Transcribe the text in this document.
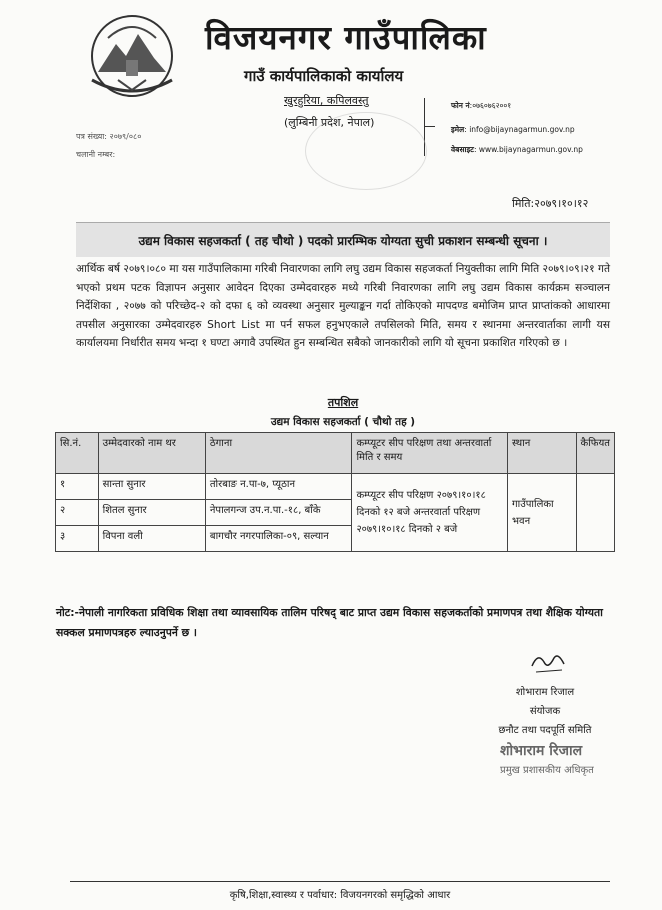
विजयनगर गाउँपालिका
गाउँ कार्यपालिकाको कार्यालय
खुरहुरिया, कपिलवस्तु
(लुम्बिनी प्रदेश, नेपाल)
फोन नं:०७६०७६२००१
इमेल: info@bijaynagarmun.gov.np
वेबसाइट: www.bijaynagarmun.gov.np
पत्र संख्या: २०७९/०८०
चलानी नम्बर:
मिति:२०७९।१०।१२
उद्यम विकास सहजकर्ता ( तह चौथो ) पदको प्रारम्भिक योग्यता सुची प्रकाशन सम्बन्धी सूचना ।

आर्थिक बर्ष २०७९।०८० मा यस गाउँपालिकामा गरिबी निवारणका लागि लघु उद्यम विकास सहजकर्ता नियुक्तीका लागि मिति २०७९।०९।२१ गते भएको प्रथम पटक विज्ञापन अनुसार आवेदन दिएका उम्मेदवारहरु मध्ये गरिबी निवारणका लागि लघु उद्यम विकास कार्यक्रम सञ्चालन निर्देशिका , २०७७ को परिच्छेद-२ को दफा ६ को व्यवस्था अनुसार मुल्याङ्कन गर्दा तोकिएको मापदण्ड बमोजिम प्राप्त प्राप्तांकको आधारमा तपसील अनुसारका उम्मेदवारहरु Short List मा पर्न सफल हनुभएकाले तपसिलको मिति, समय र स्थानमा अन्तरवार्ताका लागी यस कार्यालयमा निर्धारीत समय भन्दा १ घण्टा अगावै उपस्थित हुन सम्बन्धित सबैको जानकारीको लागि यो सूचना प्रकाशित गरिएको छ ।

तपशिल
उद्यम विकास सहजकर्ता ( चौथो तह )
सि.नं.	उम्मेदवारको नाम थर	ठेगाना	कम्प्यूटर सीप परिक्षण तथा अन्तरवार्ता मिति र समय	स्थान	कैफियत
१	सान्ता सुनार	तोरबाङ न.पा-७, प्यूठान	कम्प्यूटर सीप परिक्षण २०७९।१०।१८ दिनको १२ बजे अन्तरवार्ता परिक्षण २०७९।१०।१८ दिनको २ बजे	गाउँपालिका भवन	
२	शितल सुनार	नेपालगन्ज उप.न.पा.-१८, बाँके			
३	विपना वली	बागचौर नगरपालिका-०९, सल्यान			

नोट:-नेपाली नागरिकता प्रविधिक शिक्षा तथा व्यावसायिक तालिम परिषद् बाट प्राप्त उद्यम विकास सहजकर्ताको प्रमाणपत्र तथा शैक्षिक योग्यता सक्कल प्रमाणपत्रहरु ल्याउनुपर्ने छ ।

शोभाराम रिजाल
संयोजक
छनौट तथा पदपूर्ति समिति
शोभाराम रिजाल
प्रमुख प्रशासकीय अधिकृत
कृषि,शिक्षा,स्वास्थ्य र पर्वाधार: विजयनगरको समृद्धिको आधार
